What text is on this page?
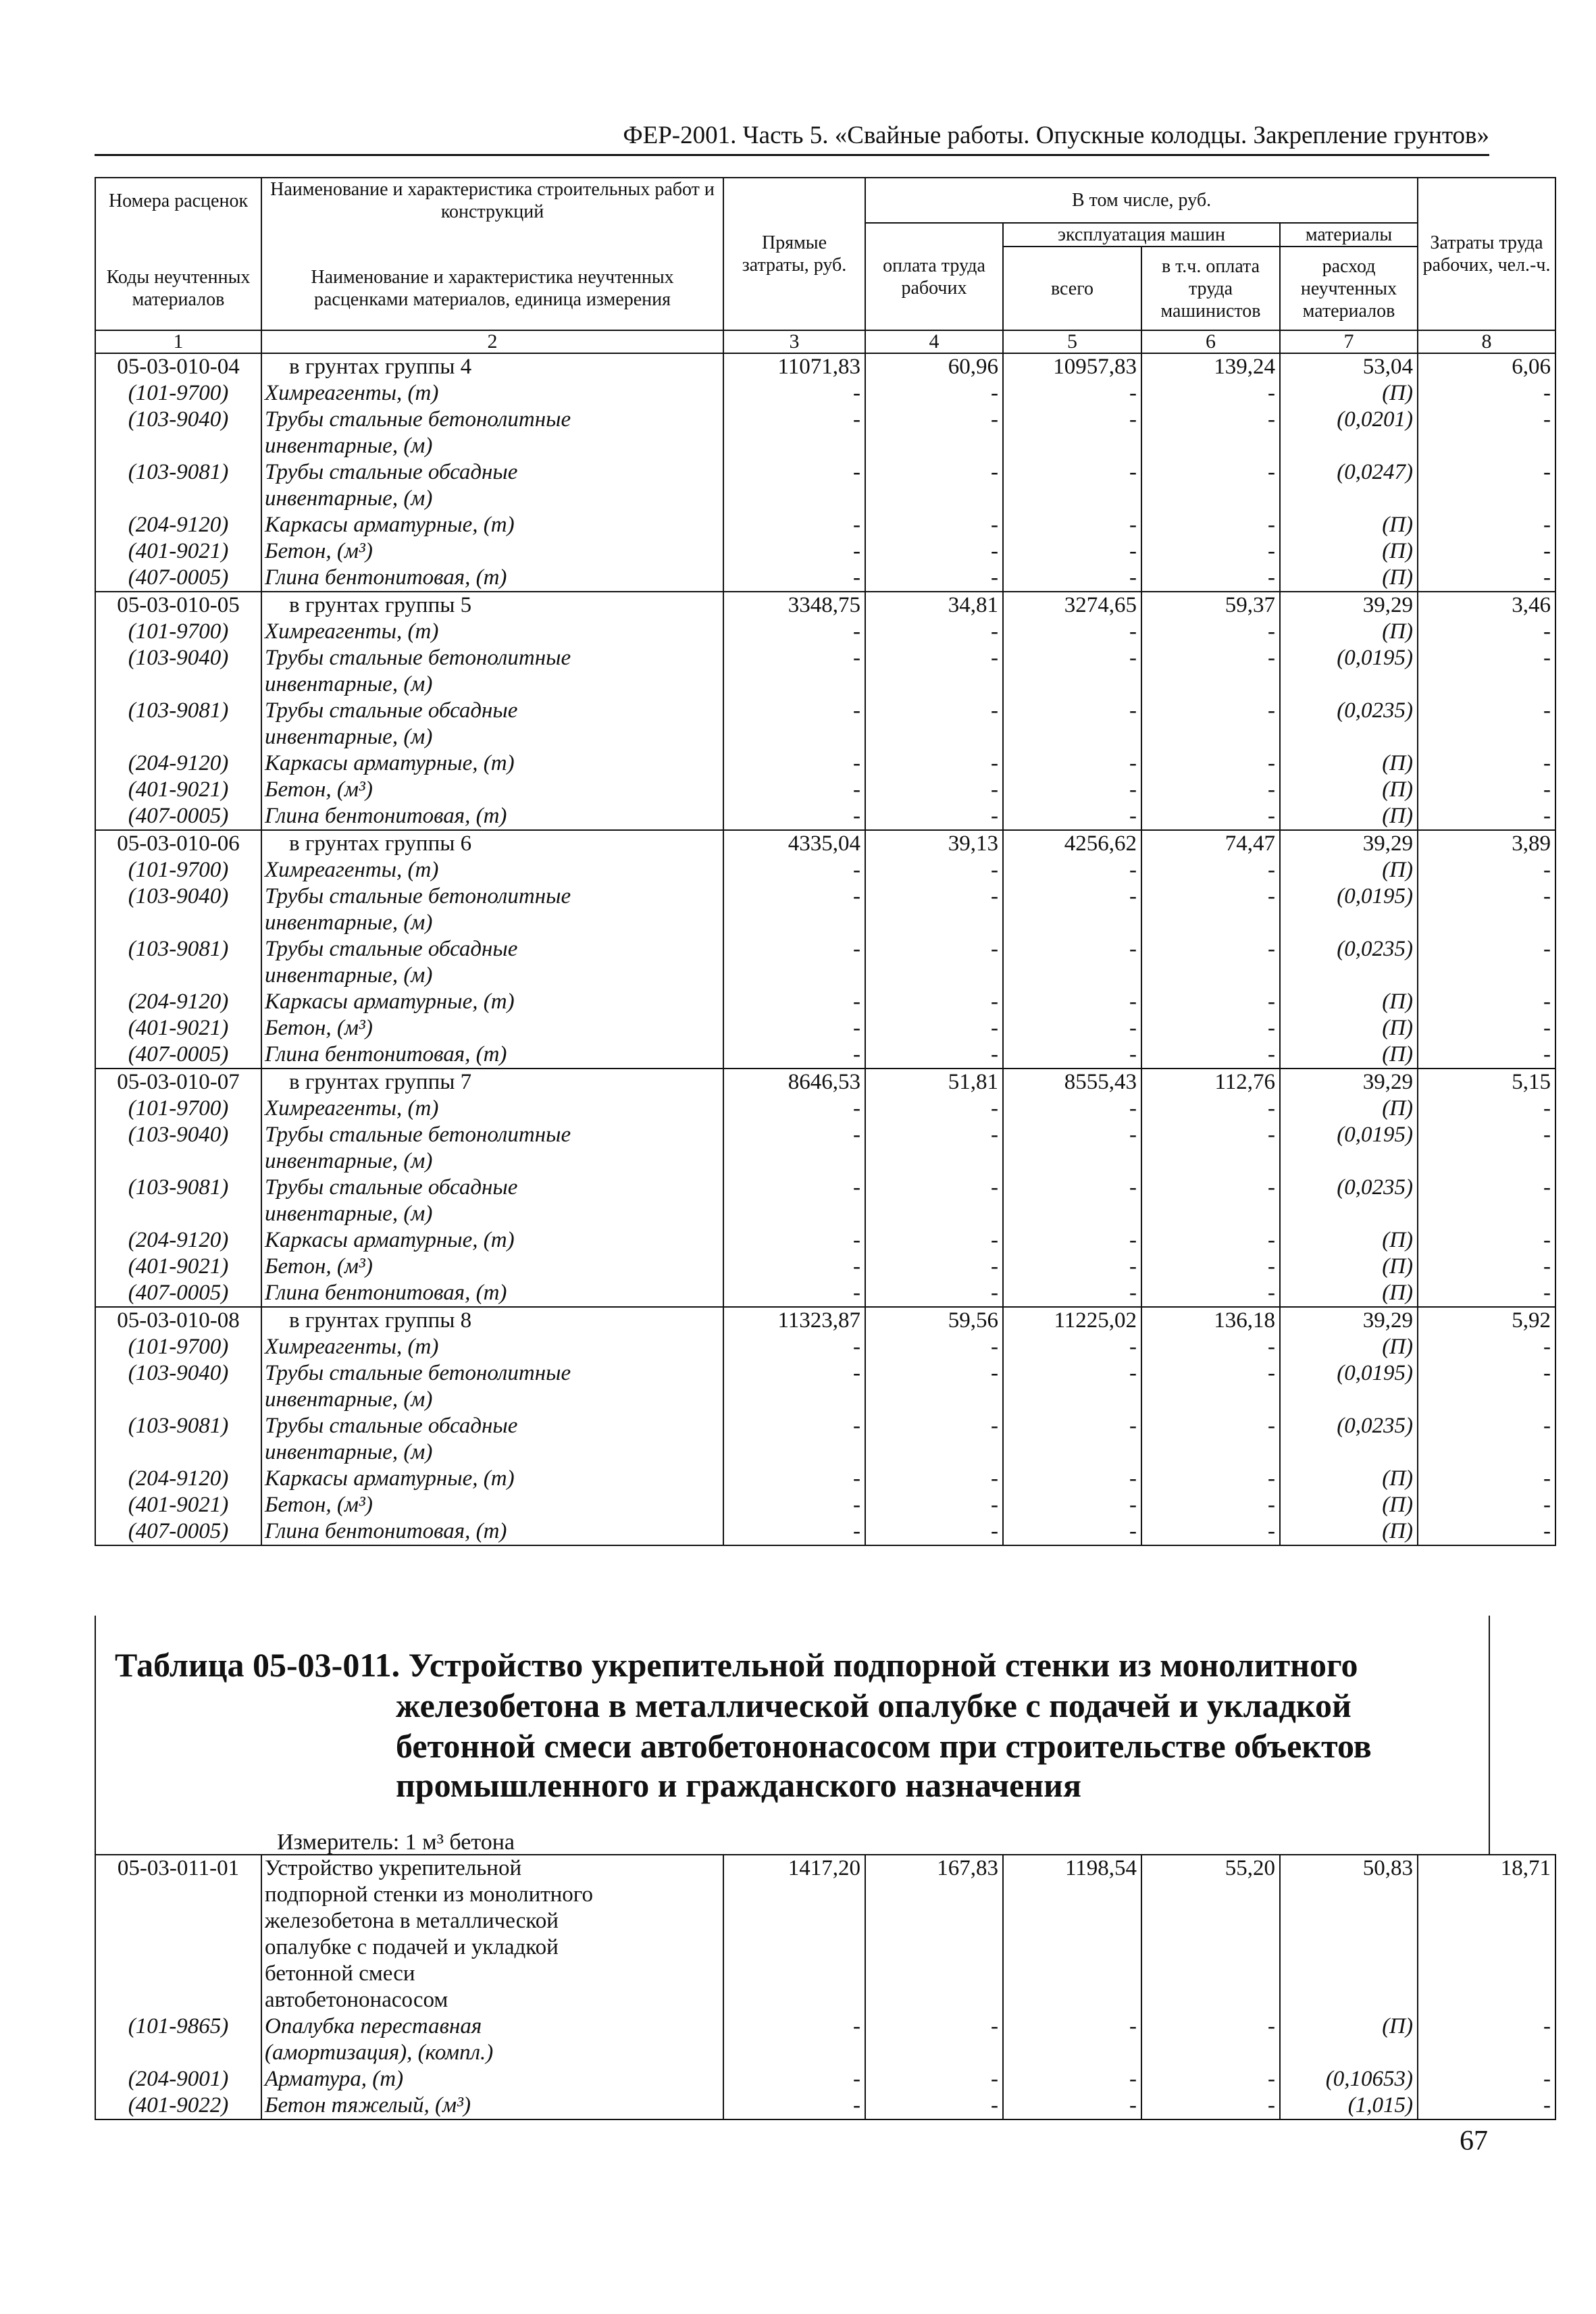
ФЕР-2001. Часть 5. «Свайные работы. Опускные колодцы. Закрепление грунтов»
Номера расценок	Наименование и характеристика строительных работ и конструкций	Прямые затраты, руб.	В том числе, руб.				Затраты труда рабочих, чел.-ч.
			оплата труда рабочих	эксплуатация машин		материалы	
Коды неучтенных материалов	Наименование и характеристика неучтенных расценками материалов, единица измерения			всего	в т.ч. оплата труда машинистов	расход неучтенных материалов	
1	2	3	4	5	6	7	8
05-03-010-04	в грунтах группы 4	11071,83	60,96	10957,83	139,24	53,04	6,06
(101-9700)	Химреагенты, (т)	-	-	-	-	(П)	-
(103-9040)	Трубы стальные бетонолитные	-	-	-	-	(0,0201)	-
	инвентарные, (м)						
(103-9081)	Трубы стальные обсадные	-	-	-	-	(0,0247)	-
	инвентарные, (м)						
(204-9120)	Каркасы арматурные, (т)	-	-	-	-	(П)	-
(401-9021)	Бетон, (м³)	-	-	-	-	(П)	-
(407-0005)	Глина бентонитовая, (т)	-	-	-	-	(П)	-
05-03-010-05	в грунтах группы 5	3348,75	34,81	3274,65	59,37	39,29	3,46
(101-9700)	Химреагенты, (т)	-	-	-	-	(П)	-
(103-9040)	Трубы стальные бетонолитные	-	-	-	-	(0,0195)	-
	инвентарные, (м)						
(103-9081)	Трубы стальные обсадные	-	-	-	-	(0,0235)	-
	инвентарные, (м)						
(204-9120)	Каркасы арматурные, (т)	-	-	-	-	(П)	-
(401-9021)	Бетон, (м³)	-	-	-	-	(П)	-
(407-0005)	Глина бентонитовая, (т)	-	-	-	-	(П)	-
05-03-010-06	в грунтах группы 6	4335,04	39,13	4256,62	74,47	39,29	3,89
(101-9700)	Химреагенты, (т)	-	-	-	-	(П)	-
(103-9040)	Трубы стальные бетонолитные	-	-	-	-	(0,0195)	-
	инвентарные, (м)						
(103-9081)	Трубы стальные обсадные	-	-	-	-	(0,0235)	-
	инвентарные, (м)						
(204-9120)	Каркасы арматурные, (т)	-	-	-	-	(П)	-
(401-9021)	Бетон, (м³)	-	-	-	-	(П)	-
(407-0005)	Глина бентонитовая, (т)	-	-	-	-	(П)	-
05-03-010-07	в грунтах группы 7	8646,53	51,81	8555,43	112,76	39,29	5,15
(101-9700)	Химреагенты, (т)	-	-	-	-	(П)	-
(103-9040)	Трубы стальные бетонолитные	-	-	-	-	(0,0195)	-
	инвентарные, (м)						
(103-9081)	Трубы стальные обсадные	-	-	-	-	(0,0235)	-
	инвентарные, (м)						
(204-9120)	Каркасы арматурные, (т)	-	-	-	-	(П)	-
(401-9021)	Бетон, (м³)	-	-	-	-	(П)	-
(407-0005)	Глина бентонитовая, (т)	-	-	-	-	(П)	-
05-03-010-08	в грунтах группы 8	11323,87	59,56	11225,02	136,18	39,29	5,92
(101-9700)	Химреагенты, (т)	-	-	-	-	(П)	-
(103-9040)	Трубы стальные бетонолитные	-	-	-	-	(0,0195)	-
	инвентарные, (м)						
(103-9081)	Трубы стальные обсадные	-	-	-	-	(0,0235)	-
	инвентарные, (м)						
(204-9120)	Каркасы арматурные, (т)	-	-	-	-	(П)	-
(401-9021)	Бетон, (м³)	-	-	-	-	(П)	-
(407-0005)	Глина бентонитовая, (т)	-	-	-	-	(П)	-
Таблица 05-03-011. Устройство укрепительной подпорной стенки из монолитного
железобетона в металлической опалубке с подачей и укладкой
бетонной смеси автобетононасосом при строительстве объектов
промышленного и гражданского назначения
Измеритель: 1 м³ бетона
05-03-011-01	Устройство укрепительной	1417,20	167,83	1198,54	55,20	50,83	18,71
	подпорной стенки из монолитного						
	железобетона в металлической						
	опалубке с подачей и укладкой						
	бетонной смеси						
	автобетононасосом						
(101-9865)	Опалубка переставная	-	-	-	-	(П)	-
	(амортизация), (компл.)						
(204-9001)	Арматура, (т)	-	-	-	-	(0,10653)	-
(401-9022)	Бетон тяжелый, (м³)	-	-	-	-	(1,015)	-
67
